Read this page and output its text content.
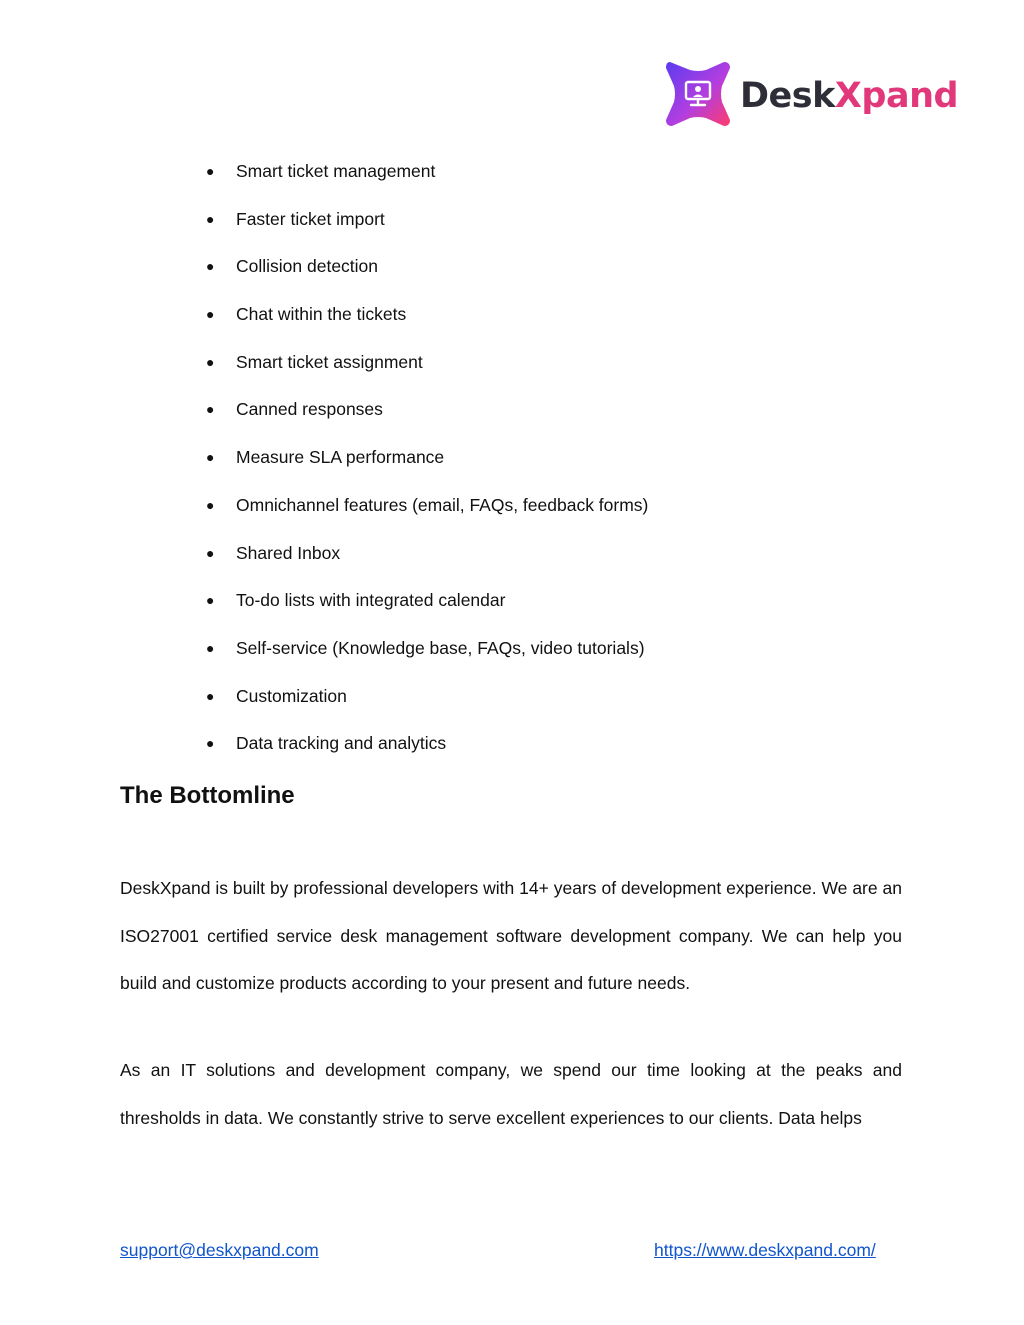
DeskXpand
●	Smart ticket management
●	Faster ticket import
●	Collision detection
●	Chat within the tickets
●	Smart ticket assignment
●	Canned responses
●	Measure SLA performance
●	Omnichannel features (email, FAQs, feedback forms)
●	Shared Inbox
●	To-do lists with integrated calendar
●	Self-service (Knowledge base, FAQs, video tutorials)
●	Customization
●	Data tracking and analytics
The Bottomline

DeskXpand is built by professional developers with 14+ years of development experience. We are an ISO27001 certified service desk management software development company. We can help you build and customize products according to your present and future needs.

As an IT solutions and development company, we spend our time looking at the peaks and thresholds in data. We constantly strive to serve excellent experiences to our clients. Data helps

support@deskxpand.com	https://www.deskxpand.com/
